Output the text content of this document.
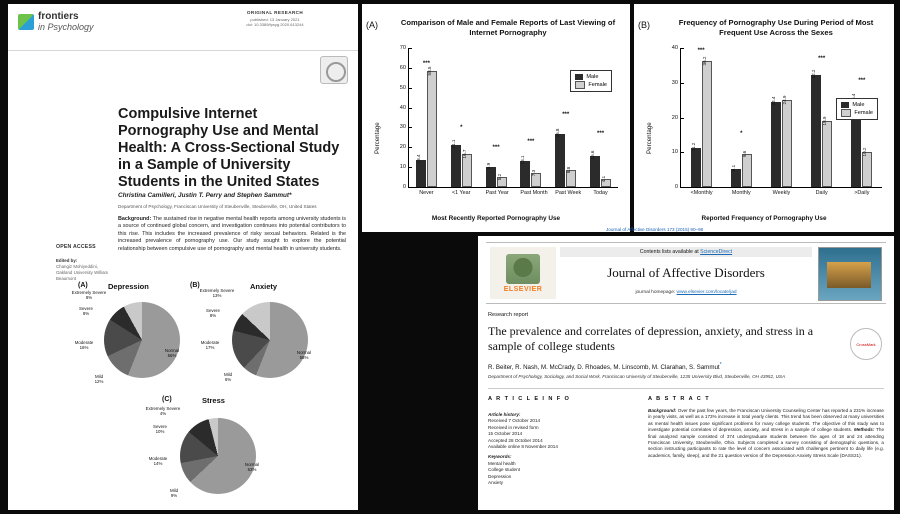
frontiers
in Psychology
ORIGINAL RESEARCH
published: 13 January 2021
doi: 10.3389/fpsyg.2020.613244
Compulsive Internet Pornography Use and Mental Health: A Cross-Sectional Study in a Sample of University Students in the United States
Christina Camilleri, Justin T. Perry and Stephen Sammut*
Department of Psychology, Franciscan University of Steubenville, Steubenville, OH, United States
Background: The sustained rise in negative mental health reports among university students is a source of continued global concern, and investigation continues into potential contributors to this rise. This includes the increased prevalence of risky sexual behaviors. Related is the increased prevalence of pornography use. Our study sought to explore the potential relationship between compulsive use of pornography and mental health in university students.
OPEN ACCESS
Edited by:
Changiz Mohiyeddini,
Oakland University William Beaumont
(A)	Depression
Normal
56%
Mild
12%
Moderate
16%
Severe
8%
Extremely Severe
8%
(B)	Anxiety
Normal
56%
Mild
6%
Moderate
17%
Severe
8%
Extremely Severe
13%
(C)	Stress
Normal
63%
Mild
9%
Moderate
14%
Severe
10%
Extremely Severe
4%
(A)	Comparison of Male and Female Reports of Last Viewing of Internet Pornography
Percentage
0
10
20
30
40
50
60
70
***
13.4
58.5
Never
*
21.1
16.7
<1 Year
***
9.9
5.2
Past Year
***
13.1
7.3
Past Month
***
26.8
8.8
Past Week
***
15.6
4.1
Today
Male
Female
Most Recently Reported Pornography Use
(B)	Frequency of Pornography Use During Period of Most Frequent Use Across the Sexes
Percentage
0
10
20
30
40	***
11.2
36.2
<Monthly
*
5.1
9.6
Monthly
24.4 24.9
Weekly
***
32.2
18.9
Daily
***
10.2
>Daily
Male
Female
Reported Frequency of Pornography Use
Journal of Affective Disorders 173 (2015) 90–96
ELSEVIER
Contents lists available at ScienceDirect
Journal of Affective Disorders
journal homepage: www.elsevier.com/locate/jad
Research report
The prevalence and correlates of depression, anxiety, and stress in a sample of college students	CrossMark
R. Beiter, R. Nash, M. McCrady, D. Rhoades, M. Linscomb, M. Clarahan, S. Sammut*
Department of Psychology, Sociology, and Social Work, Franciscan University of Steubenville, 1235 University Blvd, Steubenville, OH 43952, USA
A R T I C L E I N F O	A B S T R A C T
Article history:
Received 7 October 2014
Received in revised form
15 October 2014
Accepted 28 October 2014
Available online 8 November 2014
Keywords:
Mental health
College student
Depression
Anxiety
Background: Over the past few years, the Franciscan University Counseling Center has reported a 231% increase in yearly visits, as well as a 173% increase in total yearly clients. This trend has been observed at many universities as mental health issues pose significant problems for many college students. The objective of this study was to investigate potential correlates of depression, anxiety, and stress in a sample of college students. Methods: The final analyzed sample consisted of 374 undergraduate students between the ages of 18 and 24 attending Franciscan University, Steubenville, Ohio. Subjects completed a survey consisting of demographic questions, a section instructing participants to rate the level of concern associated with challenges pertinent to daily life (e.g. academics, family, sleep), and the 21 question version of the Depression Anxiety Stress Scale (DASS21).
